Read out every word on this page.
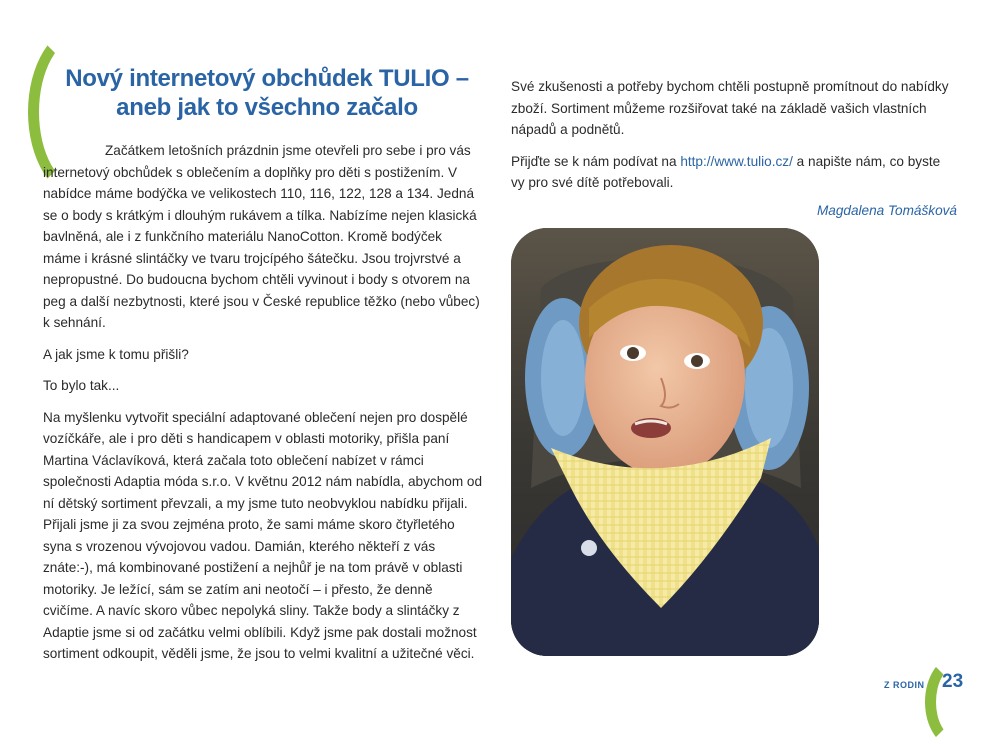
Nový internetový obchůdek TULIO –
aneb jak to všechno začalo

Začátkem letošních prázdnin jsme otevřeli pro sebe i pro vás internetový obchůdek s oblečením a doplňky pro děti s postižením. V nabídce máme bodýčka ve velikostech 110, 116, 122, 128 a 134. Jedná se o body s krátkým i dlouhým rukávem a tílka. Nabízíme nejen klasická bavlněná, ale i z funkčního materiálu NanoCotton. Kromě bodýček máme i krásné slintáčky ve tvaru trojcípého šátečku. Jsou trojvrstvé a nepropustné. Do budoucna bychom chtěli vyvinout i body s otvorem na peg a další nezbytnosti, které jsou v České republice těžko (nebo vůbec) k sehnání.

A jak jsme k tomu přišli?

To bylo tak...

Na myšlenku vytvořit speciální adaptované oblečení nejen pro dospělé vozíčkáře, ale i pro děti s handicapem v oblasti motoriky, přišla paní Martina Václavíková, která začala toto oblečení nabízet v rámci společnosti Adaptia móda s.r.o. V květnu 2012 nám nabídla, abychom od ní dětský sortiment převzali, a my jsme tuto neobvyklou nabídku přijali. Přijali jsme ji za svou zejména proto, že sami máme skoro čtyřletého syna s vrozenou vývojovou vadou. Damián, kterého někteří z vás znáte:-), má kombinované postižení a nejhůř je na tom právě v oblasti motoriky. Je ležící, sám se zatím ani neotočí – i přesto, že denně cvičíme. A navíc skoro vůbec nepolyká sliny. Takže body a slintáčky z Adaptie jsme si od začátku velmi oblíbili. Když jsme pak dostali možnost sortiment odkoupit, věděli jsme, že jsou to velmi kvalitní a užitečné věci.

Své zkušenosti a potřeby bychom chtěli postupně promítnout do nabídky zboží. Sortiment můžeme rozšiřovat také na základě vašich vlastních nápadů a podnětů.

Přijďte se k nám podívat na http://www.tulio.cz/ a napište nám, co byste vy pro své dítě potřebovali.

Magdalena Tomášková
Z RODIN 23
